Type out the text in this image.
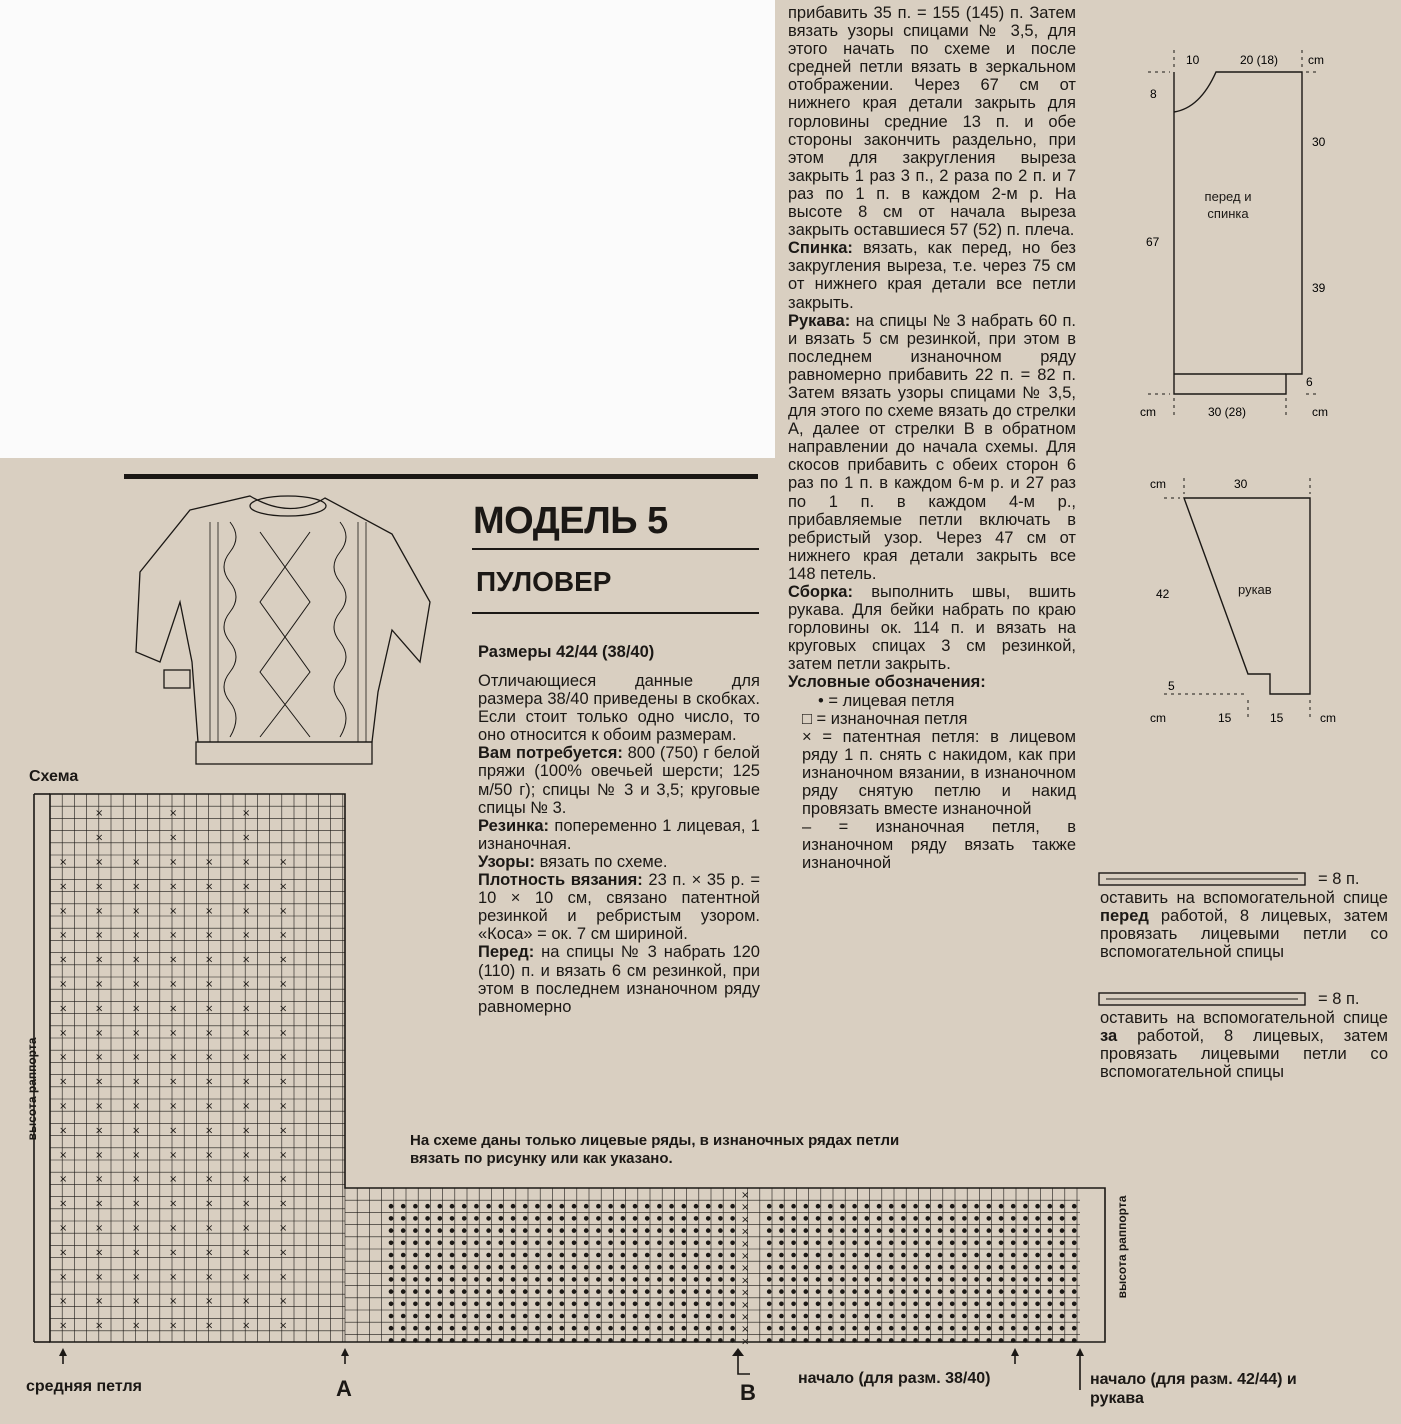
прибавить 35 п. = 155 (145) п. Затем вязать узоры спицами № 3,5, для этого начать по схеме и после средней петли вязать в зеркальном отображении. Через 67 см от нижнего края детали закрыть для горловины средние 13 п. и обе стороны закончить раздельно, при этом для закругления выреза закрыть 1 раз 3 п., 2 раза по 2 п. и 7 раз по 1 п. в каждом 2-м р. На высоте 8 см от начала выреза закрыть оставшиеся 57 (52) п. плеча.

Спинка: вязать, как перед, но без закругления выреза, т.е. через 75 см от нижнего края детали все петли закрыть.

Рукава: на спицы № 3 набрать 60 п. и вязать 5 см резинкой, при этом в последнем изнаночном ряду равномерно прибавить 22 п. = 82 п. Затем вязать узоры спицами № 3,5, для этого по схеме вязать до стрелки А, далее от стрелки В в обратном направлении до начала схемы. Для скосов прибавить с обеих сторон 6 раз по 1 п. в каждом 6-м р. и 27 раз по 1 п. в каждом 4-м р., прибавляемые петли включать в ребристый узор. Через 47 см от нижнего края детали закрыть все 148 петель.

Сборка: выполнить швы, вшить рукава. Для бейки набрать по краю горловины ок. 114 п. и вязать на круговых спицах 3 см резинкой, затем петли закрыть.

Условные обозначения:

• = лицевая петля

□ = изнаночная петля

× = патентная петля: в лицевом ряду 1 п. снять с накидом, как при изнаночном вязании, в изнаночном ряду снятую петлю и накид провязать вместе изнаночной

– = изнаночная петля, в изнаночном ряду вязать также изнаночной

МОДЕЛЬ 5
ПУЛОВЕР
Размеры 42/44 (38/40)

Отличающиеся данные для размера 38/40 приведены в скобках. Если стоит только одно число, то оно относится к обоим размерам.

Вам потребуется: 800 (750) г белой пряжи (100% овечьей шерсти; 125 м/50 г); спицы № 3 и 3,5; круговые спицы № 3.

Резинка: попеременно 1 лицевая, 1 изнаночная.

Узоры: вязать по схеме.

Плотность вязания: 23 п. × 35 р. = 10 × 10 см, связано патентной резинкой и ребристым узором. «Коса» = ок. 7 см шириной.

Перед: на спицы № 3 набрать 120 (110) п. и вязать 6 см резинкой, при этом в последнем изнаночном ряду равномерно

10	20 (18) cm
8
30
67
39
6
cm	30 (28)	cm
перед и спинка
cm	30
42
5
cm	15	15	cm
рукав
= 8 п.
оставить на вспомогательной спице перед работой, 8 лицевых, затем провязать лицевыми петли со вспомогательной спицы
= 8 п.
оставить на вспомогательной спице за работой, 8 лицевых, затем провязать лицевыми петли со вспомогательной спицы
Схема
высота раппорта
высота раппорта
На схеме даны только лицевые ряды, в изнаночных рядах петли вязать по рисунку или как указано.
×
×
×
×
×
×
×
×
×
×
×
×
×
×
×
×
×
×
×
×
×
×
×
×
×
×
×
×
×
×
×
×
×
×
×
×
×
×
×
×
×
×
×
×
×
×
×
×
×
×
×
×
×
×
×
×
×
×
×
×
×
×
×
×
×
×
×
×
×
×
×
×
×
×
×
×
×
×
×
×
×
×
×
×
×
×
×
×
×
×
×
×
×
×
×
×
×
×
×
×
×
×
×
×
×
×
×
×
×
×
×
×
×
×
×
×
×
×
×
×
×
×
×
×
×
×
×
×
×
×
×
×
×
×
×
×
×
×
×
×
×
×
×
×
×
×
×
×
×
×
×
×
×
×
×
×
×
×
×
средняя петля	A	B
начало (для разм. 38/40)	начало (для разм. 42/44) и рукава
